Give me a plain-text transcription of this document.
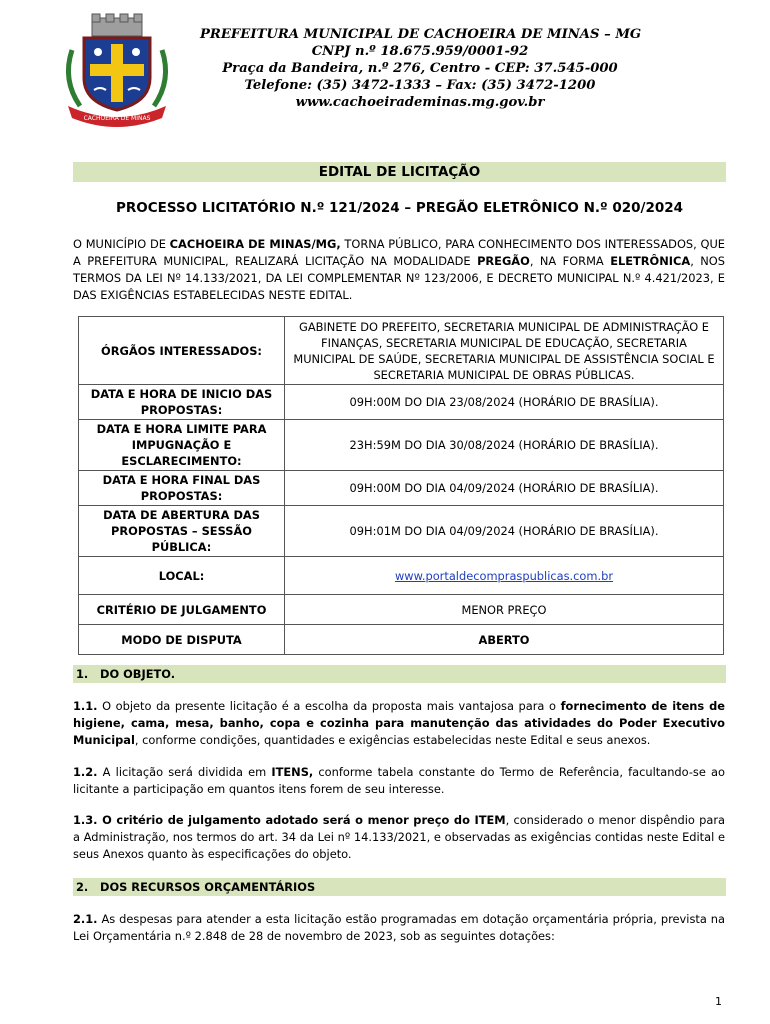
CACHOEIRA DE MINAS
PREFEITURA MUNICIPAL DE CACHOEIRA DE MINAS – MG
CNPJ n.º 18.675.959/0001-92
Praça da Bandeira, n.º 276, Centro - CEP: 37.545-000
Telefone: (35) 3472-1333 – Fax: (35) 3472-1200
www.cachoeirademinas.mg.gov.br
EDITAL DE LICITAÇÃO
PROCESSO LICITATÓRIO N.º 121/2024 – PREGÃO ELETRÔNICO N.º 020/2024
O MUNICÍPIO DE CACHOEIRA DE MINAS/MG, TORNA PÚBLICO, PARA CONHECIMENTO DOS INTERESSADOS, QUE A PREFEITURA MUNICIPAL, REALIZARÁ LICITAÇÃO NA MODALIDADE PREGÃO, NA FORMA ELETRÔNICA, NOS TERMOS DA LEI Nº 14.133/2021, DA LEI COMPLEMENTAR Nº 123/2006, E DECRETO MUNICIPAL N.º 4.421/2023, E DAS EXIGÊNCIAS ESTABELECIDAS NESTE EDITAL.
ÓRGÃOS INTERESSADOS:	GABINETE DO PREFEITO, SECRETARIA MUNICIPAL DE ADMINISTRAÇÃO E FINANÇAS, SECRETARIA MUNICIPAL DE EDUCAÇÃO, SECRETARIA MUNICIPAL DE SAÚDE, SECRETARIA MUNICIPAL DE ASSISTÊNCIA SOCIAL E SECRETARIA MUNICIPAL DE OBRAS PÚBLICAS.
DATA E HORA DE INICIO DAS PROPOSTAS:	09H:00M DO DIA 23/08/2024 (HORÁRIO DE BRASÍLIA).
DATA E HORA LIMITE PARA IMPUGNAÇÃO E ESCLARECIMENTO:	23H:59M DO DIA 30/08/2024 (HORÁRIO DE BRASÍLIA).
DATA E HORA FINAL DAS PROPOSTAS:	09H:00M DO DIA 04/09/2024 (HORÁRIO DE BRASÍLIA).
DATA DE ABERTURA DAS PROPOSTAS – SESSÃO PÚBLICA:	09H:01M DO DIA 04/09/2024 (HORÁRIO DE BRASÍLIA).
LOCAL:	www.portaldecompraspublicas.com.br
CRITÉRIO DE JULGAMENTO	MENOR PREÇO
MODO DE DISPUTA	ABERTO
1. DO OBJETO.
1.1. O objeto da presente licitação é a escolha da proposta mais vantajosa para o fornecimento de itens de higiene, cama, mesa, banho, copa e cozinha para manutenção das atividades do Poder Executivo Municipal, conforme condições, quantidades e exigências estabelecidas neste Edital e seus anexos.
1.2. A licitação será dividida em ITENS, conforme tabela constante do Termo de Referência, facultando-se ao licitante a participação em quantos itens forem de seu interesse.
1.3. O critério de julgamento adotado será o menor preço do ITEM, considerado o menor dispêndio para a Administração, nos termos do art. 34 da Lei nº 14.133/2021, e observadas as exigências contidas neste Edital e seus Anexos quanto às especificações do objeto.
2. DOS RECURSOS ORÇAMENTÁRIOS
2.1. As despesas para atender a esta licitação estão programadas em dotação orçamentária própria, prevista na Lei Orçamentária n.º 2.848 de 28 de novembro de 2023, sob as seguintes dotações:
1
